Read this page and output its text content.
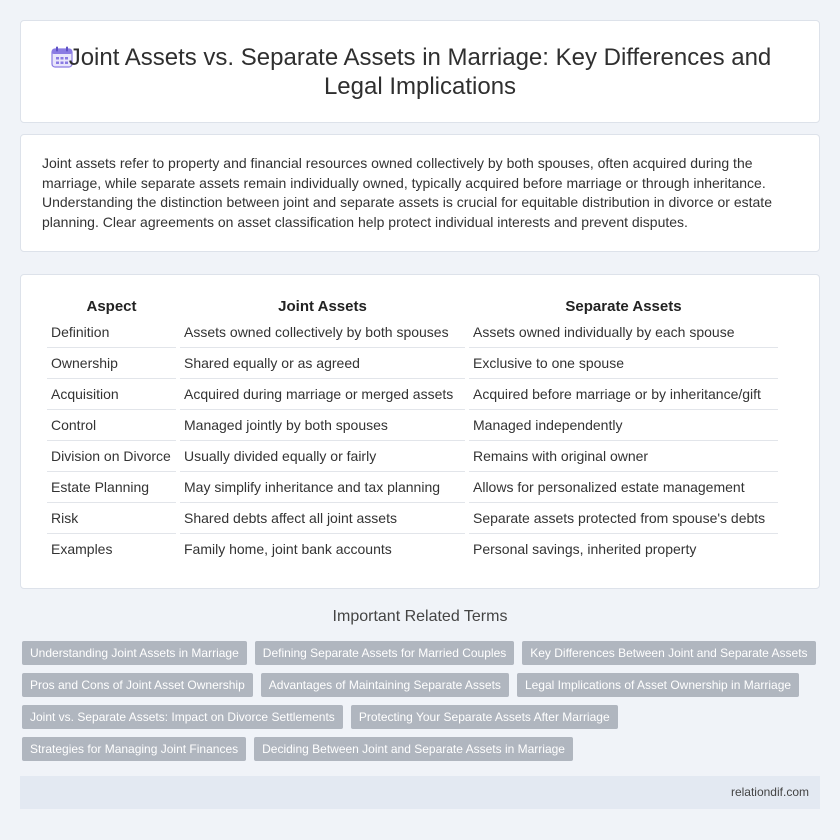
Joint Assets vs. Separate Assets in Marriage: Key Differences and Legal Implications

Joint assets refer to property and financial resources owned collectively by both spouses, often acquired during the marriage, while separate assets remain individually owned, typically acquired before marriage or through inheritance. Understanding the distinction between joint and separate assets is crucial for equitable distribution in divorce or estate planning. Clear agreements on asset classification help protect individual interests and prevent disputes.

Aspect	Joint Assets	Separate Assets
Definition	Assets owned collectively by both spouses	Assets owned individually by each spouse
Ownership	Shared equally or as agreed	Exclusive to one spouse
Acquisition	Acquired during marriage or merged assets	Acquired before marriage or by inheritance/gift
Control	Managed jointly by both spouses	Managed independently
Division on Divorce	Usually divided equally or fairly	Remains with original owner
Estate Planning	May simplify inheritance and tax planning	Allows for personalized estate management
Risk	Shared debts affect all joint assets	Separate assets protected from spouse's debts
Examples	Family home, joint bank accounts	Personal savings, inherited property
Important Related Terms
Understanding Joint Assets in Marriage	Defining Separate Assets for Married Couples	Key Differences Between Joint and Separate Assets
Pros and Cons of Joint Asset Ownership	Advantages of Maintaining Separate Assets	Legal Implications of Asset Ownership in Marriage
Joint vs. Separate Assets: Impact on Divorce Settlements	Protecting Your Separate Assets After Marriage
Strategies for Managing Joint Finances	Deciding Between Joint and Separate Assets in Marriage
relationdif.com
